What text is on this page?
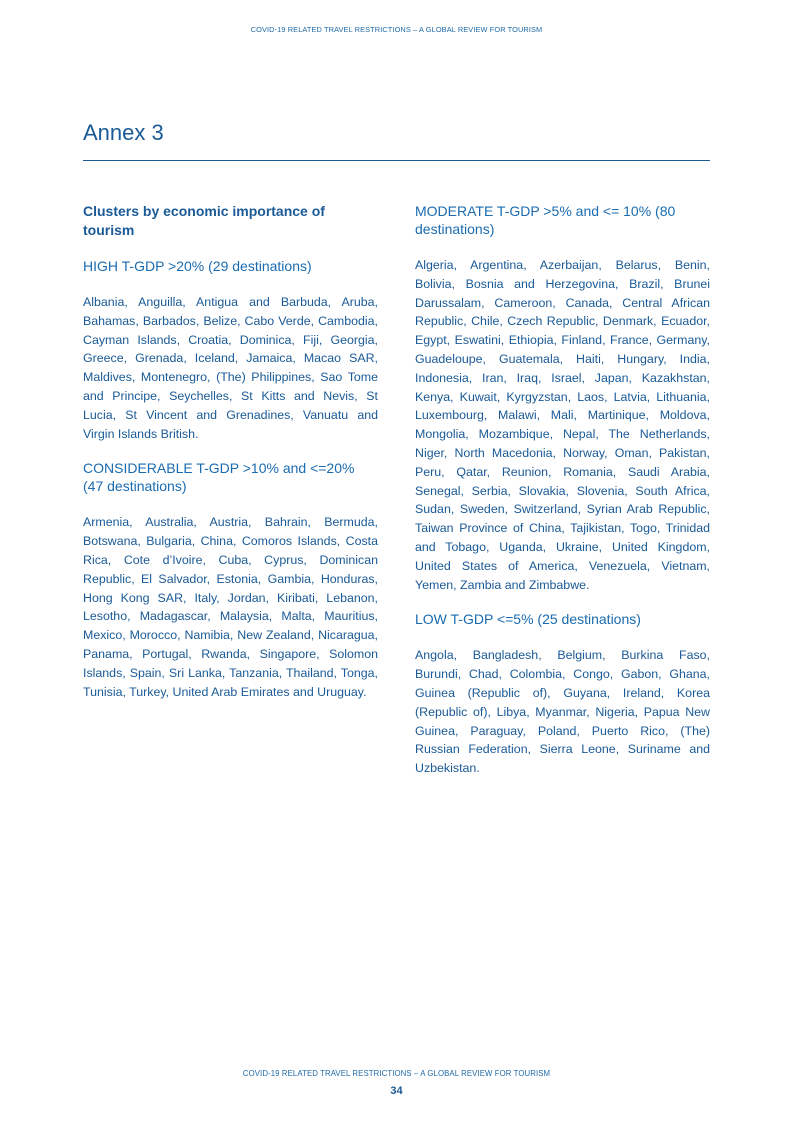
COVID-19 RELATED TRAVEL RESTRICTIONS – A GLOBAL REVIEW FOR TOURISM
Annex 3
Clusters by economic importance of tourism
HIGH T-GDP >20% (29 destinations)

Albania, Anguilla, Antigua and Barbuda, Aruba, Bahamas, Barbados, Belize, Cabo Verde, Cambodia, Cayman Islands, Croatia, Dominica, Fiji, Georgia, Greece, Grenada, Iceland, Jamaica, Macao SAR, Maldives, Montenegro, (The) Philippines, Sao Tome and Principe, Seychelles, St Kitts and Nevis, St Lucia, St Vincent and Grenadines, Vanuatu and Virgin Islands British.

CONSIDERABLE T-GDP >10% and <=20% (47 destinations)

Armenia, Australia, Austria, Bahrain, Bermuda, Botswana, Bulgaria, China, Comoros Islands, Costa Rica, Cote d’Ivoire, Cuba, Cyprus, Dominican Republic, El Salvador, Estonia, Gambia, Honduras, Hong Kong SAR, Italy, Jordan, Kiribati, Lebanon, Lesotho, Madagascar, Malaysia, Malta, Mauritius, Mexico, Morocco, Namibia, New Zealand, Nicaragua, Panama, Portugal, Rwanda, Singapore, Solomon Islands, Spain, Sri Lanka, Tanzania, Thailand, Tonga, Tunisia, Turkey, United Arab Emirates and Uruguay.

MODERATE T-GDP >5% and <= 10% (80 destinations)

Algeria, Argentina, Azerbaijan, Belarus, Benin, Bolivia, Bosnia and Herzegovina, Brazil, Brunei Darussalam, Cameroon, Canada, Central African Republic, Chile, Czech Republic, Denmark, Ecuador, Egypt, Eswatini, Ethiopia, Finland, France, Germany, Guadeloupe, Guatemala, Haiti, Hungary, India, Indonesia, Iran, Iraq, Israel, Japan, Kazakhstan, Kenya, Kuwait, Kyrgyzstan, Laos, Latvia, Lithuania, Luxembourg, Malawi, Mali, Martinique, Moldova, Mongolia, Mozambique, Nepal, The Netherlands, Niger, North Macedonia, Norway, Oman, Pakistan, Peru, Qatar, Reunion, Romania, Saudi Arabia, Senegal, Serbia, Slovakia, Slovenia, South Africa, Sudan, Sweden, Switzerland, Syrian Arab Republic, Taiwan Province of China, Tajikistan, Togo, Trinidad and Tobago, Uganda, Ukraine, United Kingdom, United States of America, Venezuela, Vietnam, Yemen, Zambia and Zimbabwe.

LOW T-GDP <=5% (25 destinations)

Angola, Bangladesh, Belgium, Burkina Faso, Burundi, Chad, Colombia, Congo, Gabon, Ghana, Guinea (Republic of), Guyana, Ireland, Korea (Republic of), Libya, Myanmar, Nigeria, Papua New Guinea, Paraguay, Poland, Puerto Rico, (The) Russian Federation, Sierra Leone, Suriname and Uzbekistan.

COVID-19 RELATED TRAVEL RESTRICTIONS – A GLOBAL REVIEW FOR TOURISM
34
